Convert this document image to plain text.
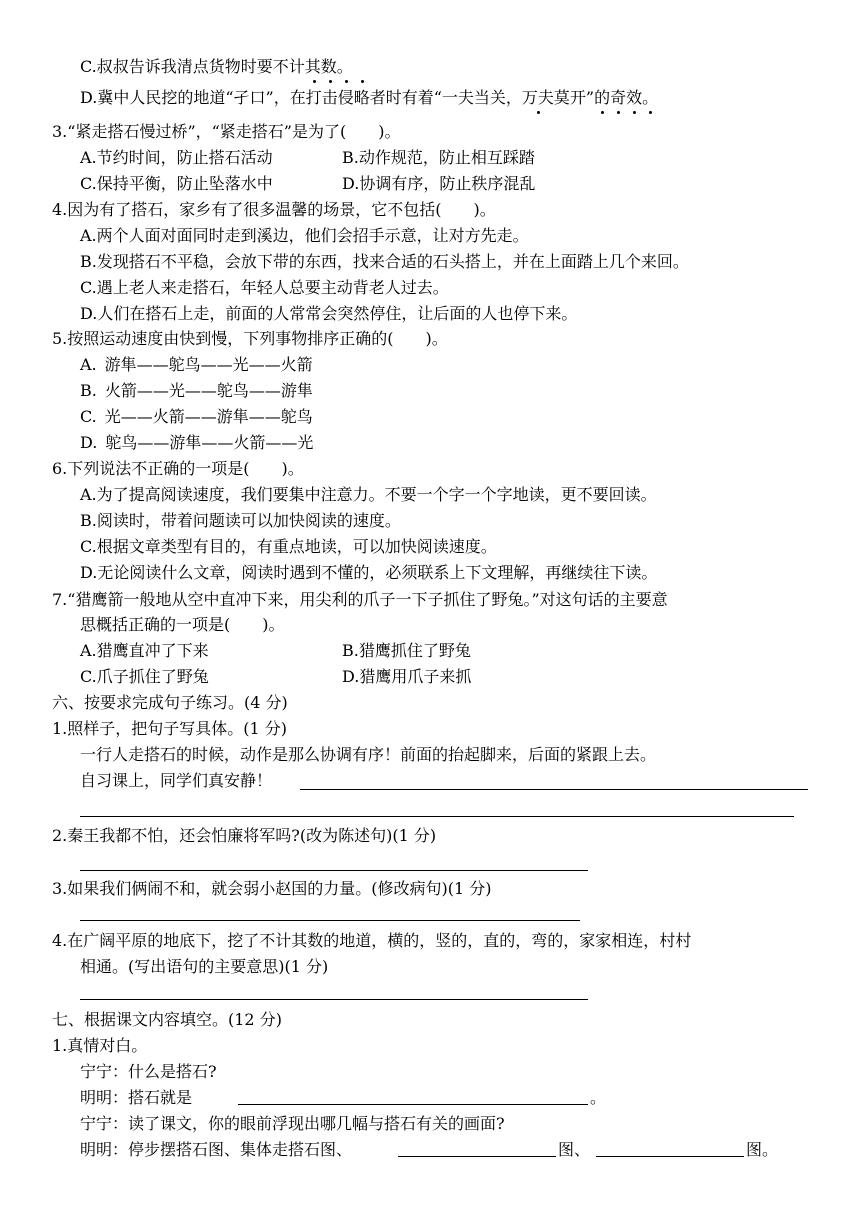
C.叔叔告诉我清点货物时要不计其数。
D.冀中人民挖的地道“孑口”，在打击侵略者时有着“一夫当关，万夫莫开”的奇效。
3.“紧走搭石慢过桥”，“紧走搭石”是为了(　　)。
A.节约时间，防止搭石活动	B.动作规范，防止相互踩踏
C.保持平衡，防止坠落水中	D.协调有序，防止秩序混乱
4.因为有了搭石，家乡有了很多温馨的场景，它不包括(　　)。
A.两个人面对面同时走到溪边，他们会招手示意，让对方先走。
B.发现搭石不平稳，会放下带的东西，找来合适的石头搭上，并在上面踏上几个来回。
C.遇上老人来走搭石，年轻人总要主动背老人过去。
D.人们在搭石上走，前面的人常常会突然停住，让后面的人也停下来。
5.按照运动速度由快到慢，下列事物排序正确的(　　)。
A. 游隼——鸵鸟——光——火箭
B. 火箭——光——鸵鸟——游隼
C. 光——火箭——游隼——鸵鸟
D. 鸵鸟——游隼——火箭——光
6.下列说法不正确的一项是(　　)。
A.为了提高阅读速度，我们要集中注意力。不要一个字一个字地读，更不要回读。
B.阅读时，带着问题读可以加快阅读的速度。
C.根据文章类型有目的，有重点地读，可以加快阅读速度。
D.无论阅读什么文章，阅读时遇到不懂的，必须联系上下文理解，再继续往下读。
7.“猎鹰箭一般地从空中直冲下来，用尖利的爪子一下子抓住了野兔。”对这句话的主要意
思概括正确的一项是(　　)。
A.猎鹰直冲了下来	B.猎鹰抓住了野兔
C.爪子抓住了野兔	D.猎鹰用爪子来抓
六、按要求完成句子练习。(4 分)
1.照样子，把句子写具体。(1 分)
一行人走搭石的时候，动作是那么协调有序！前面的抬起脚来，后面的紧跟上去。
自习课上，同学们真安静！
2.秦王我都不怕，还会怕廉将军吗?(改为陈述句)(1 分)
3.如果我们俩闹不和，就会弱小赵国的力量。(修改病句)(1 分)
4.在广阔平原的地底下，挖了不计其数的地道，横的，竖的，直的，弯的，家家相连，村村
相通。(写出语句的主要意思)(1 分)
七、根据课文内容填空。(12 分)
1.真情对白。
宁宁：什么是搭石?
明明：搭石就是	。
宁宁：读了课文，你的眼前浮现出哪几幅与搭石有关的画面?
明明：停步摆搭石图、集体走搭石图、	图、	图。
